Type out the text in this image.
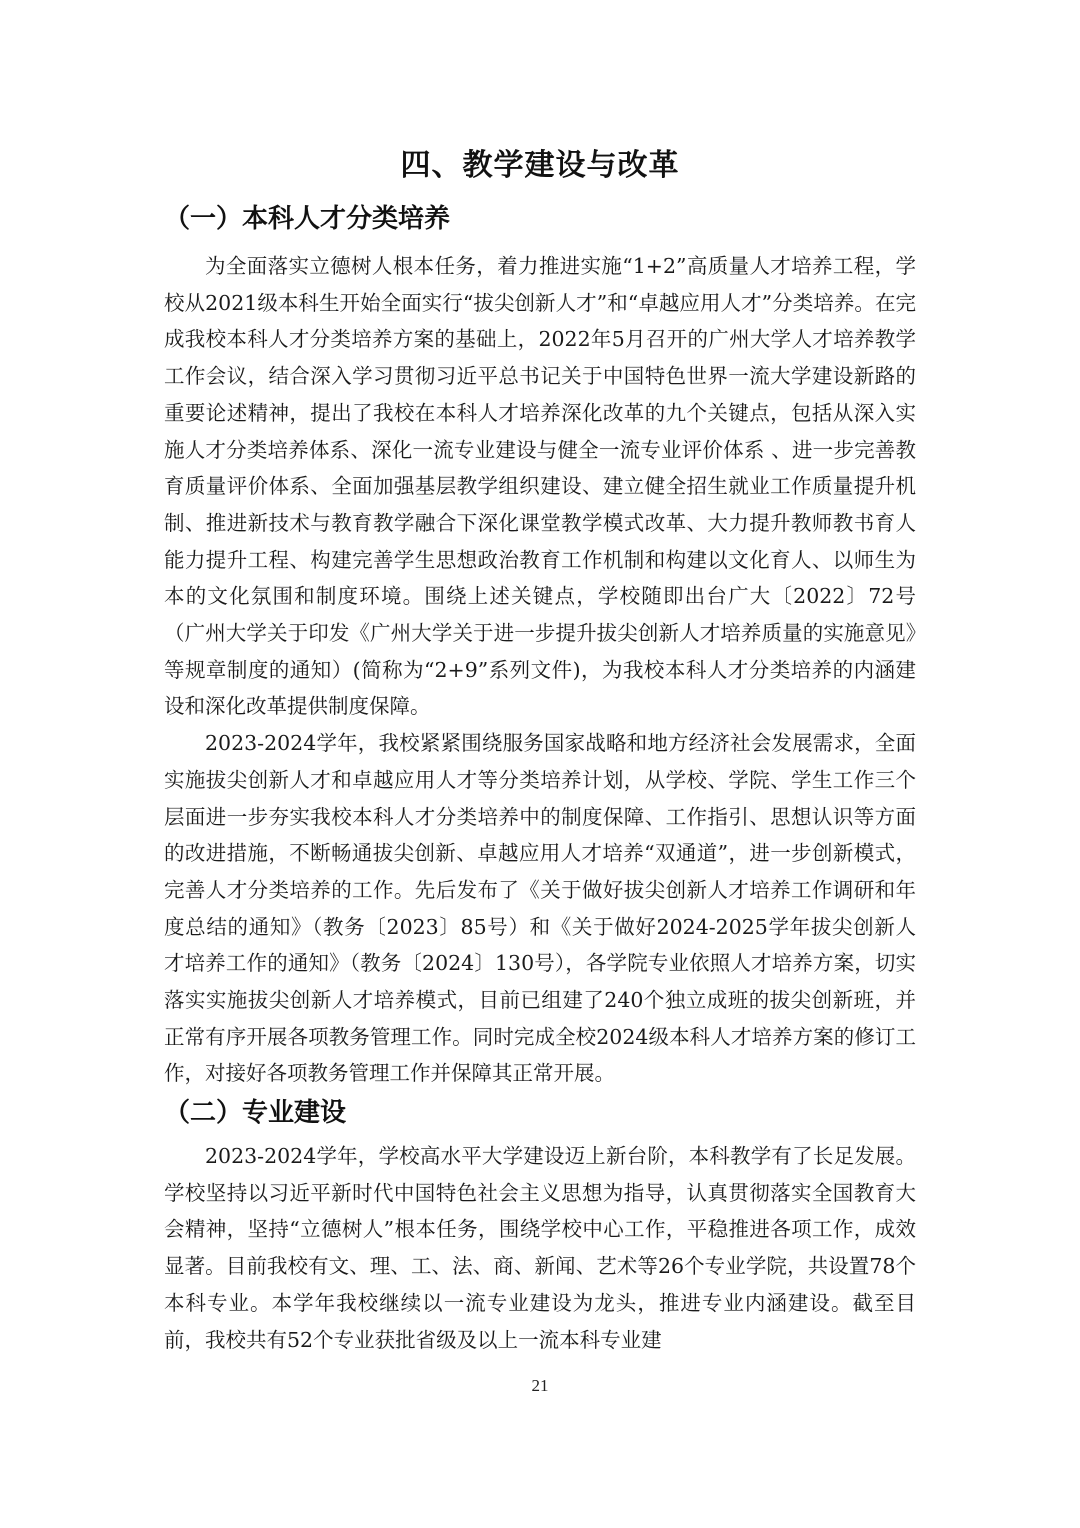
四、教学建设与改革
（一）本科人才分类培养

为全面落实立德树人根本任务，着力推进实施“1+2”高质量人才培养工程，学校从2021级本科生开始全面实行“拔尖创新人才”和“卓越应用人才”分类培养。在完成我校本科人才分类培养方案的基础上，2022年5月召开的广州大学人才培养教学工作会议，结合深入学习贯彻习近平总书记关于中国特色世界一流大学建设新路的重要论述精神，提出了我校在本科人才培养深化改革的九个关键点，包括从深入实施人才分类培养体系、深化一流专业建设与健全一流专业评价体系 、进一步完善教育质量评价体系、全面加强基层教学组织建设、建立健全招生就业工作质量提升机制、推进新技术与教育教学融合下深化课堂教学模式改革、大力提升教师教书育人能力提升工程、构建完善学生思想政治教育工作机制和构建以文化育人、以师生为本的文化氛围和制度环境。围绕上述关键点，学校随即出台广大〔2022〕72号（广州大学关于印发《广州大学关于进一步提升拔尖创新人才培养质量的实施意见》等规章制度的通知）(简称为“2+9”系列文件)，为我校本科人才分类培养的内涵建设和深化改革提供制度保障。

2023-2024学年，我校紧紧围绕服务国家战略和地方经济社会发展需求，全面实施拔尖创新人才和卓越应用人才等分类培养计划，从学校、学院、学生工作三个层面进一步夯实我校本科人才分类培养中的制度保障、工作指引、思想认识等方面的改进措施，不断畅通拔尖创新、卓越应用人才培养“双通道”，进一步创新模式，完善人才分类培养的工作。先后发布了《关于做好拔尖创新人才培养工作调研和年度总结的通知》（教务〔2023〕85号）和《关于做好2024-2025学年拔尖创新人才培养工作的通知》（教务〔2024〕130号），各学院专业依照人才培养方案，切实落实实施拔尖创新人才培养模式，目前已组建了240个独立成班的拔尖创新班，并正常有序开展各项教务管理工作。同时完成全校2024级本科人才培养方案的修订工作，对接好各项教务管理工作并保障其正常开展。

（二）专业建设

2023-2024学年，学校高水平大学建设迈上新台阶，本科教学有了长足发展。学校坚持以习近平新时代中国特色社会主义思想为指导，认真贯彻落实全国教育大会精神，坚持“立德树人”根本任务，围绕学校中心工作，平稳推进各项工作，成效显著。目前我校有文、理、工、法、商、新闻、艺术等26个专业学院，共设置78个本科专业。本学年我校继续以一流专业建设为龙头，推进专业内涵建设。截至目前，我校共有52个专业获批省级及以上一流本科专业建

21
